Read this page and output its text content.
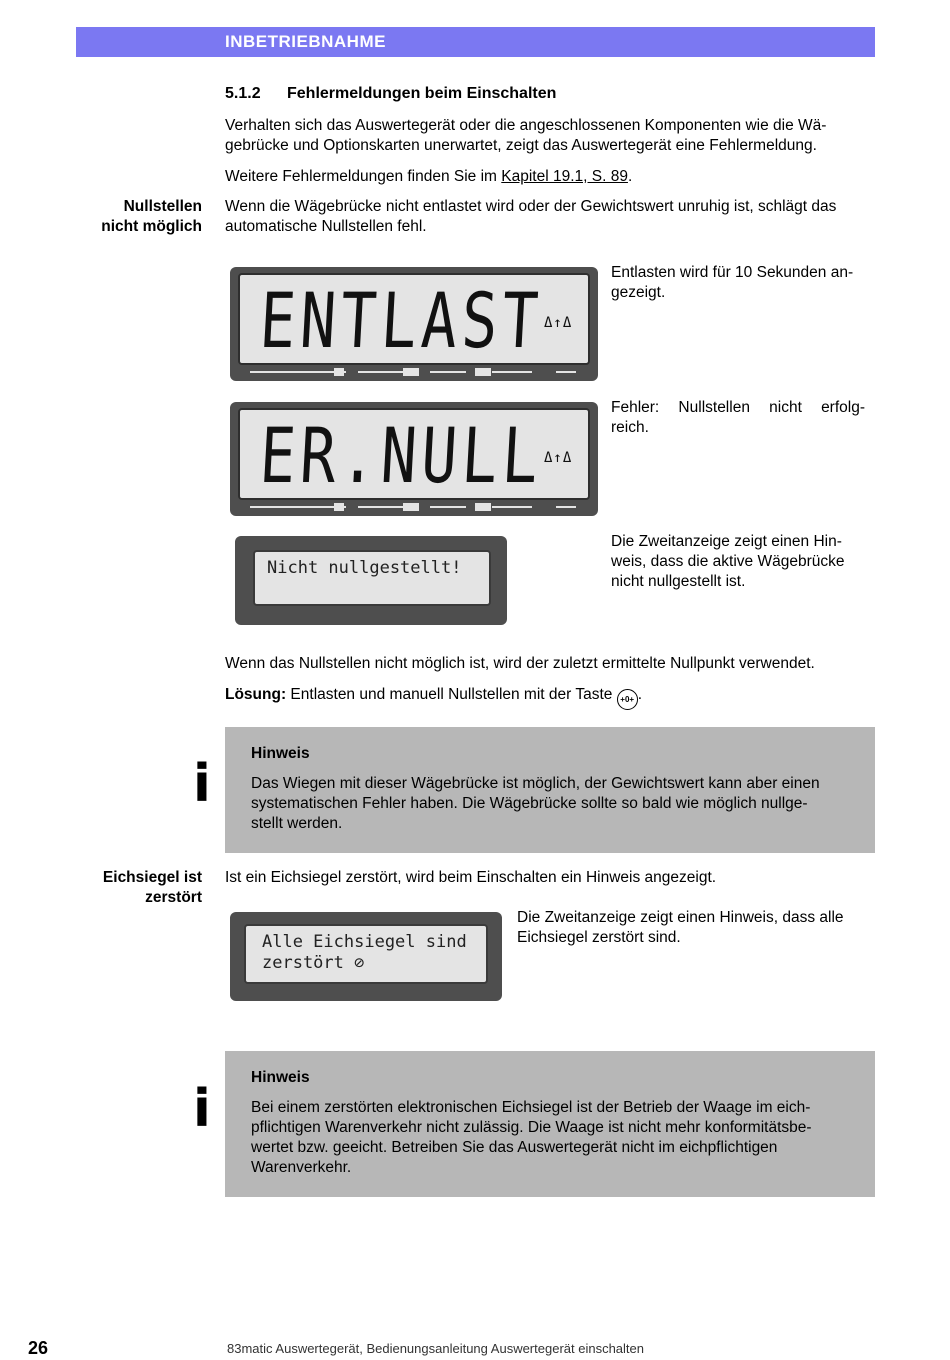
INBETRIEBNAHME
5.1.2 Fehlermeldungen beim Einschalten
Verhalten sich das Auswertegerät oder die angeschlossenen Komponenten wie die Wä-
gebrücke und Optionskarten unerwartet, zeigt das Auswertegerät eine Fehlermeldung.
Weitere Fehlermeldungen finden Sie im Kapitel 19.1, S. 89.
Nullstellen
nicht möglich
Wenn die Wägebrücke nicht entlastet wird oder der Gewichtswert unruhig ist, schlägt das
automatische Nullstellen fehl.
ENTLAST Δ↑Δ
Entlasten wird für 10 Sekunden an-
gezeigt.
ER.NULL Δ↑Δ
Fehler: Nullstellen nicht erfolg-
reich.
Nicht nullgestellt!
Die Zweitanzeige zeigt einen Hin-
weis, dass die aktive Wägebrücke
nicht nullgestellt ist.
Wenn das Nullstellen nicht möglich ist, wird der zuletzt ermittelte Nullpunkt verwendet.
Lösung: Entlasten und manuell Nullstellen mit der Taste +0+ .
i
Hinweis
Das Wiegen mit dieser Wägebrücke ist möglich, der Gewichtswert kann aber einen
systematischen Fehler haben. Die Wägebrücke sollte so bald wie möglich nullge-
stellt werden.
Eichsiegel ist
zerstört
Ist ein Eichsiegel zerstört, wird beim Einschalten ein Hinweis angezeigt.
Alle Eichsiegel sind
zerstört ⊘
Die Zweitanzeige zeigt einen Hinweis, dass alle
Eichsiegel zerstört sind.
i
Hinweis
Bei einem zerstörten elektronischen Eichsiegel ist der Betrieb der Waage im eich-
pflichtigen Warenverkehr nicht zulässig. Die Waage ist nicht mehr konformitätsbe-
wertet bzw. geeicht. Betreiben Sie das Auswertegerät nicht im eichpflichtigen
Warenverkehr.
26	83matic Auswertegerät, Bedienungsanleitung Auswertegerät einschalten
